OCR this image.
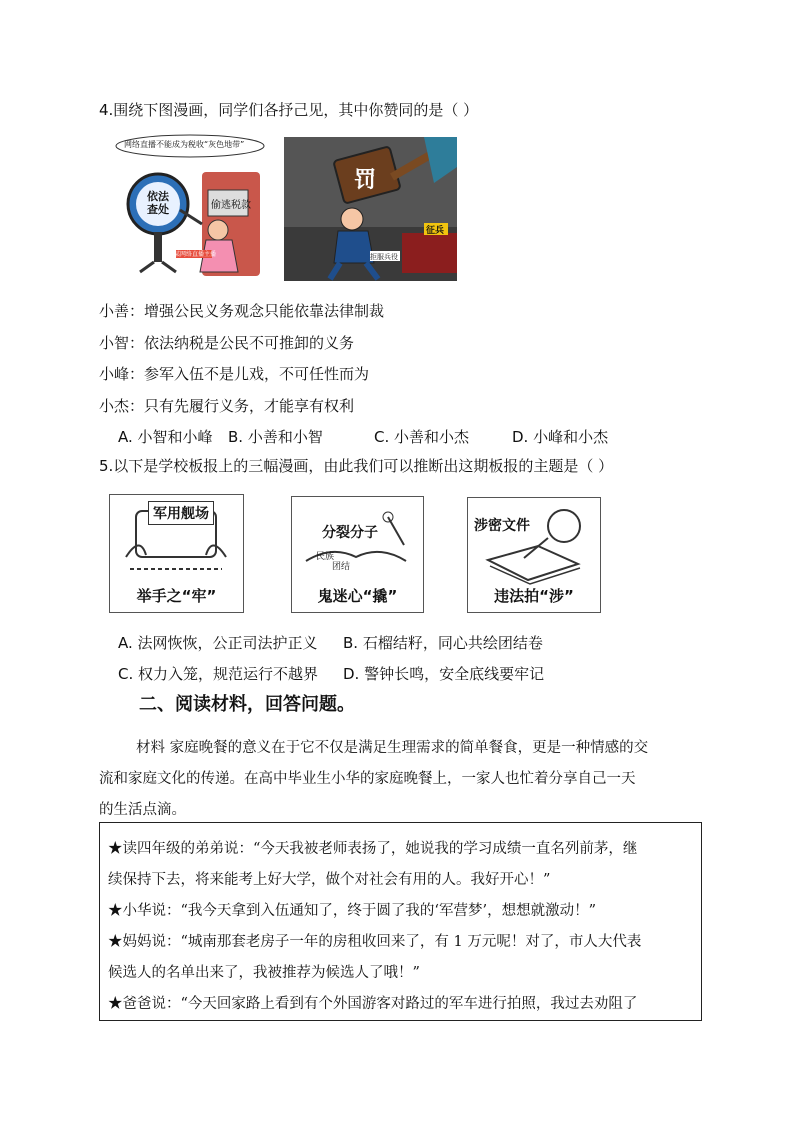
4.围绕下图漫画，同学们各抒己见，其中你赞同的是（ ）
网络直播不能成为税收“灰色地带”
依法查处	偷逃税款
某网络直播主播
罚
拒服兵役
征兵
小善：增强公民义务观念只能依靠法律制裁
小智：依法纳税是公民不可推卸的义务
小峰：参军入伍不是儿戏，不可任性而为
小杰：只有先履行义务，才能享有权利
A. 小智和小峰 B. 小善和小智	C. 小善和小杰	D. 小峰和小杰
5.以下是学校板报上的三幅漫画，由此我们可以推断出这期板报的主题是（ ）
军用舰场
举手之“牢”
分裂分子
民族
团结
鬼迷心“撬”
涉密文件
违法拍“涉”
A. 法网恢恢，公正司法护正义 B. 石榴结籽，同心共绘团结卷
C. 权力入笼，规范运行不越界 D. 警钟长鸣，安全底线要牢记
二、阅读材料，回答问题。
材料 家庭晚餐的意义在于它不仅是满足生理需求的简单餐食，更是一种情感的交
流和家庭文化的传递。在高中毕业生小华的家庭晚餐上，一家人也忙着分享自己一天
的生活点滴。
★读四年级的弟弟说：“今天我被老师表扬了，她说我的学习成绩一直名列前茅，继
续保持下去，将来能考上好大学，做个对社会有用的人。我好开心！”
★小华说：“我今天拿到入伍通知了，终于圆了我的‘军营梦’，想想就激动！”
★妈妈说：“城南那套老房子一年的房租收回来了，有 1 万元呢！对了，市人大代表
候选人的名单出来了，我被推荐为候选人了哦！”
★爸爸说：“今天回家路上看到有个外国游客对路过的军车进行拍照，我过去劝阻了
